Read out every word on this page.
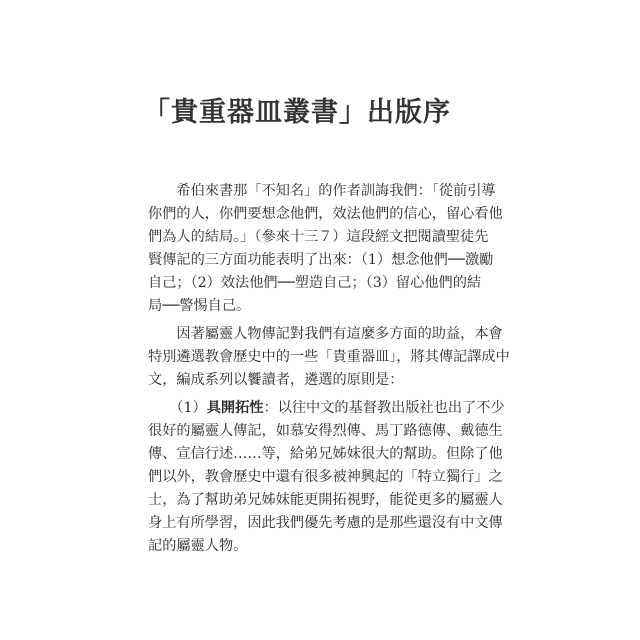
「貴重器皿叢書」出版序
　　希伯來書那「不知名」的作者訓誨我們：「從前引導
你們的人，你們要想念他們，效法他們的信心，留心看他
們為人的結局。」（參來十三７）這段經文把閱讀聖徒先
賢傳記的三方面功能表明了出來：（1）想念他們──激勵
自己；（2）效法他們──塑造自己；（3）留心他們的結
局──警惕自己。
　　因著屬靈人物傳記對我們有這麼多方面的助益，本會
特別遴選教會歷史中的一些「貴重器皿」，將其傳記譯成中
文，編成系列以饗讀者，遴選的原則是：
　　（1）具開拓性：以往中文的基督教出版社也出了不少
很好的屬靈人傳記，如慕安得烈傳、馬丁路德傳、戴德生
傳、宣信行述……等，給弟兄姊妹很大的幫助。但除了他
們以外，教會歷史中還有很多被神興起的「特立獨行」之
士，為了幫助弟兄姊妹能更開拓視野，能從更多的屬靈人
身上有所學習，因此我們優先考慮的是那些還沒有中文傳
記的屬靈人物。
